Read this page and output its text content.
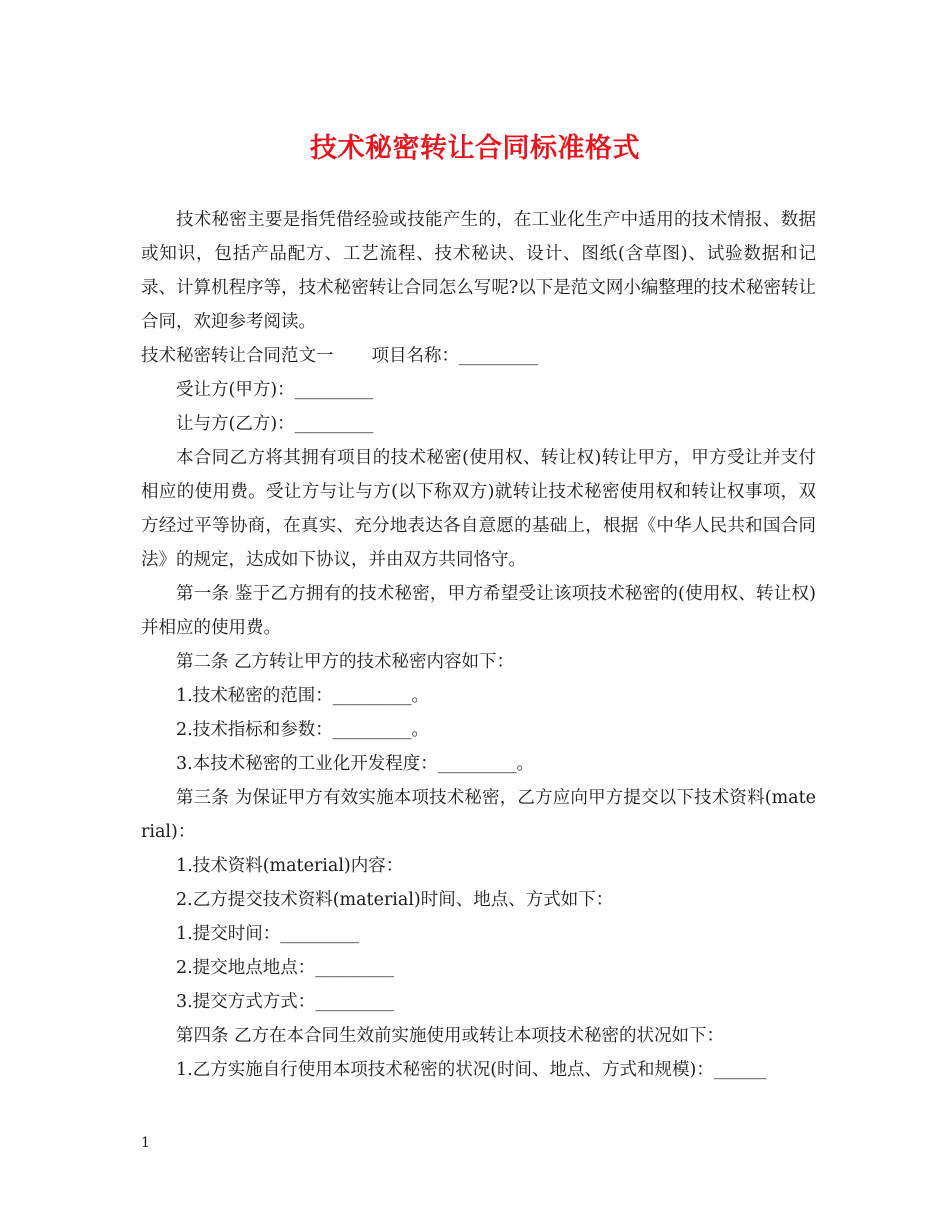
技术秘密转让合同标准格式

技术秘密主要是指凭借经验或技能产生的，在工业化生产中适用的技术情报、数据或知识，包括产品配方、工艺流程、技术秘诀、设计、图纸(含草图)、试验数据和记录、计算机程序等，技术秘密转让合同怎么写呢?以下是范文网小编整理的技术秘密转让合同，欢迎参考阅读。

技术秘密转让合同范文一 项目名称：_________

受让方(甲方)：_________

让与方(乙方)：_________

本合同乙方将其拥有项目的技术秘密(使用权、转让权)转让甲方，甲方受让并支付相应的使用费。受让方与让与方(以下称双方)就转让技术秘密使用权和转让权事项，双方经过平等协商，在真实、充分地表达各自意愿的基础上，根据《中华人民共和国合同法》的规定，达成如下协议，并由双方共同恪守。

第一条 鉴于乙方拥有的技术秘密，甲方希望受让该项技术秘密的(使用权、转让权)并相应的使用费。

第二条 乙方转让甲方的技术秘密内容如下：

1.技术秘密的范围：_________。

2.技术指标和参数：_________。

3.本技术秘密的工业化开发程度：_________。

第三条 为保证甲方有效实施本项技术秘密，乙方应向甲方提交以下技术资料(material)：

1.技术资料(material)内容：

2.乙方提交技术资料(material)时间、地点、方式如下：

1.提交时间：_________

2.提交地点地点：_________

3.提交方式方式：_________

第四条 乙方在本合同生效前实施使用或转让本项技术秘密的状况如下：

1.乙方实施自行使用本项技术秘密的状况(时间、地点、方式和规模)：______

1
